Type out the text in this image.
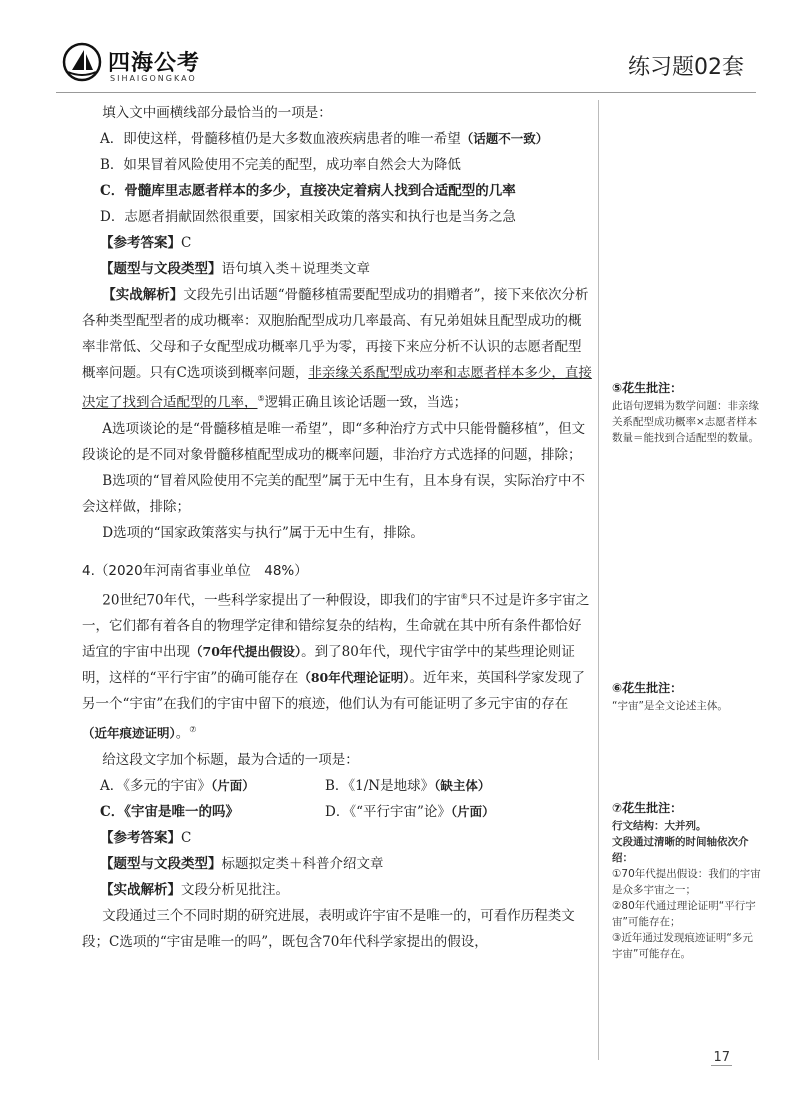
四海公考
SIHAIGONGKAO	练习题02套

填入文中画横线部分最恰当的一项是：

A．即使这样，骨髓移植仍是大多数血液疾病患者的唯一希望（话题不一致）

B．如果冒着风险使用不完美的配型，成功率自然会大为降低

C．骨髓库里志愿者样本的多少，直接决定着病人找到合适配型的几率

D．志愿者捐献固然很重要，国家相关政策的落实和执行也是当务之急

【参考答案】C

【题型与文段类型】语句填入类＋说理类文章

【实战解析】文段先引出话题“骨髓移植需要配型成功的捐赠者”，接下来依次分析各种类型配型者的成功概率：双胞胎配型成功几率最高、有兄弟姐妹且配型成功的概率非常低、父母和子女配型成功概率几乎为零，再接下来应分析不认识的志愿者配型概率问题。只有C选项谈到概率问题，非亲缘关系配型成功率和志愿者样本多少，直接决定了找到合适配型的几率，⑤逻辑正确且该论话题一致，当选；

A选项谈论的是“骨髓移植是唯一希望”，即“多种治疗方式中只能骨髓移植”，但文段谈论的是不同对象骨髓移植配型成功的概率问题，非治疗方式选择的问题，排除；

B选项的“冒着风险使用不完美的配型”属于无中生有，且本身有误，实际治疗中不会这样做，排除；

D选项的“国家政策落实与执行”属于无中生有，排除。

4.（2020年河南省事业单位　48%）

20世纪70年代，一些科学家提出了一种假设，即我们的宇宙⑥只不过是许多宇宙之一，它们都有着各自的物理学定律和错综复杂的结构，生命就在其中所有条件都恰好适宜的宇宙中出现（70年代提出假设）。到了80年代，现代宇宙学中的某些理论则证明，这样的“平行宇宙”的确可能存在（80年代理论证明）。近年来，英国科学家发现了另一个“宇宙”在我们的宇宙中留下的痕迹，他们认为有可能证明了多元宇宙的存在（近年痕迹证明）。⑦

给这段文字加个标题，最为合适的一项是：

A．《多元的宇宙》（片面）	B．《1/N是地球》（缺主体）
C．《宇宙是唯一的吗》	D．《“平行宇宙”论》（片面）

【参考答案】C

【题型与文段类型】标题拟定类＋科普介绍文章

【实战解析】文段分析见批注。

文段通过三个不同时期的研究进展，表明或许宇宙不是唯一的，可看作历程类文段；C选项的“宇宙是唯一的吗”，既包含70年代科学家提出的假设，

⑤花生批注：

此语句逻辑为数学问题：非亲缘关系配型成功概率×志愿者样本数量＝能找到合适配型的数量。

⑥花生批注：

“宇宙”是全文论述主体。

⑦花生批注：

行文结构：大并列。

文段通过清晰的时间轴依次介绍：

①70年代提出假设：我们的宇宙是众多宇宙之一；

②80年代通过理论证明“平行宇宙”可能存在；

③近年通过发现痕迹证明“多元宇宙”可能存在。

17
